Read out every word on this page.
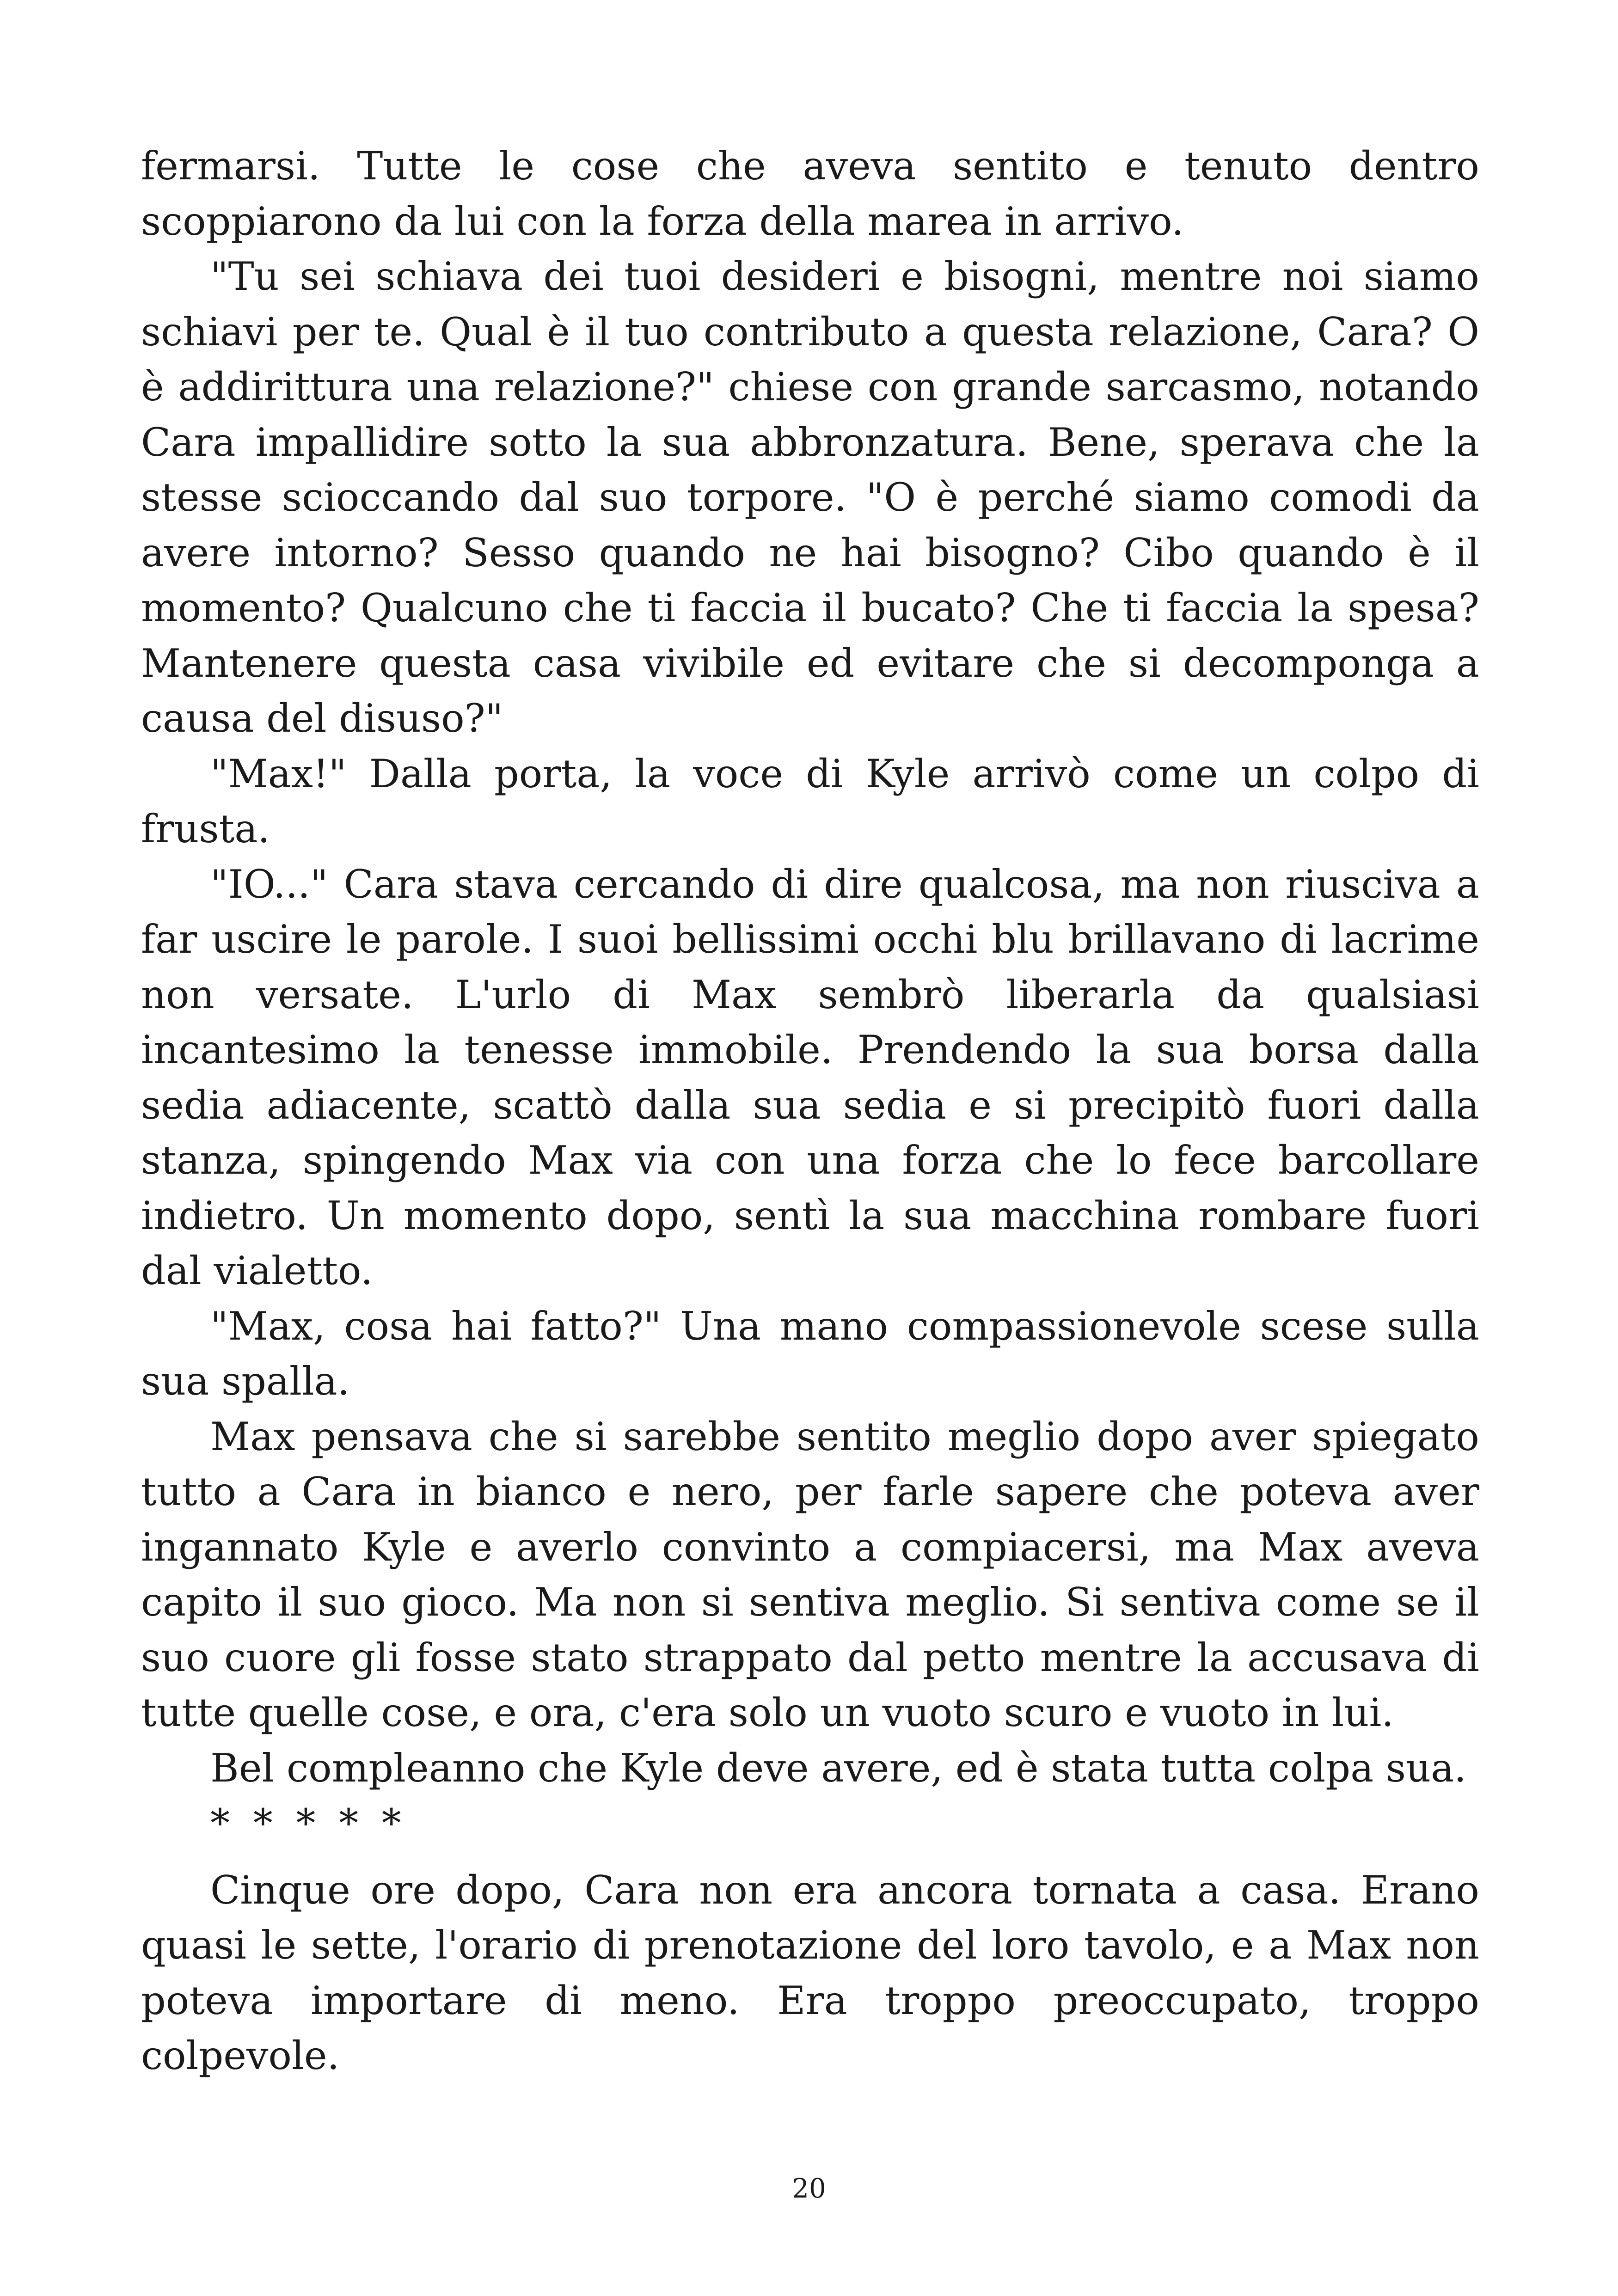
fermarsi. Tutte le cose che aveva sentito e tenuto dentro scoppiarono da lui con la forza della marea in arrivo.

"Tu sei schiava dei tuoi desideri e bisogni, mentre noi siamo schiavi per te. Qual è il tuo contributo a questa relazione, Cara? O è addirittura una relazione?" chiese con grande sarcasmo, notando Cara impallidire sotto la sua abbronzatura. Bene, sperava che la stesse scioccando dal suo torpore. "O è perché siamo comodi da avere intorno? Sesso quando ne hai bisogno? Cibo quando è il momento? Qualcuno che ti faccia il bucato? Che ti faccia la spesa? Mantenere questa casa vivibile ed evitare che si decomponga a causa del disuso?"

"Max!" Dalla porta, la voce di Kyle arrivò come un colpo di frusta.

"IO..." Cara stava cercando di dire qualcosa, ma non riusciva a far uscire le parole. I suoi bellissimi occhi blu brillavano di lacrime non versate. L'urlo di Max sembrò liberarla da qualsiasi incantesimo la tenesse immobile. Prendendo la sua borsa dalla sedia adiacente, scattò dalla sua sedia e si precipitò fuori dalla stanza, spingendo Max via con una forza che lo fece barcollare indietro. Un momento dopo, sentì la sua macchina rombare fuori dal vialetto.

"Max, cosa hai fatto?" Una mano compassionevole scese sulla sua spalla.

Max pensava che si sarebbe sentito meglio dopo aver spiegato tutto a Cara in bianco e nero, per farle sapere che poteva aver ingannato Kyle e averlo convinto a compiacersi, ma Max aveva capito il suo gioco. Ma non si sentiva meglio. Si sentiva come se il suo cuore gli fosse stato strappato dal petto mentre la accusava di tutte quelle cose, e ora, c'era solo un vuoto scuro e vuoto in lui.

Bel compleanno che Kyle deve avere, ed è stata tutta colpa sua.

* * * * *

Cinque ore dopo, Cara non era ancora tornata a casa. Erano quasi le sette, l'orario di prenotazione del loro tavolo, e a Max non poteva importare di meno. Era troppo preoccupato, troppo colpevole.

20
